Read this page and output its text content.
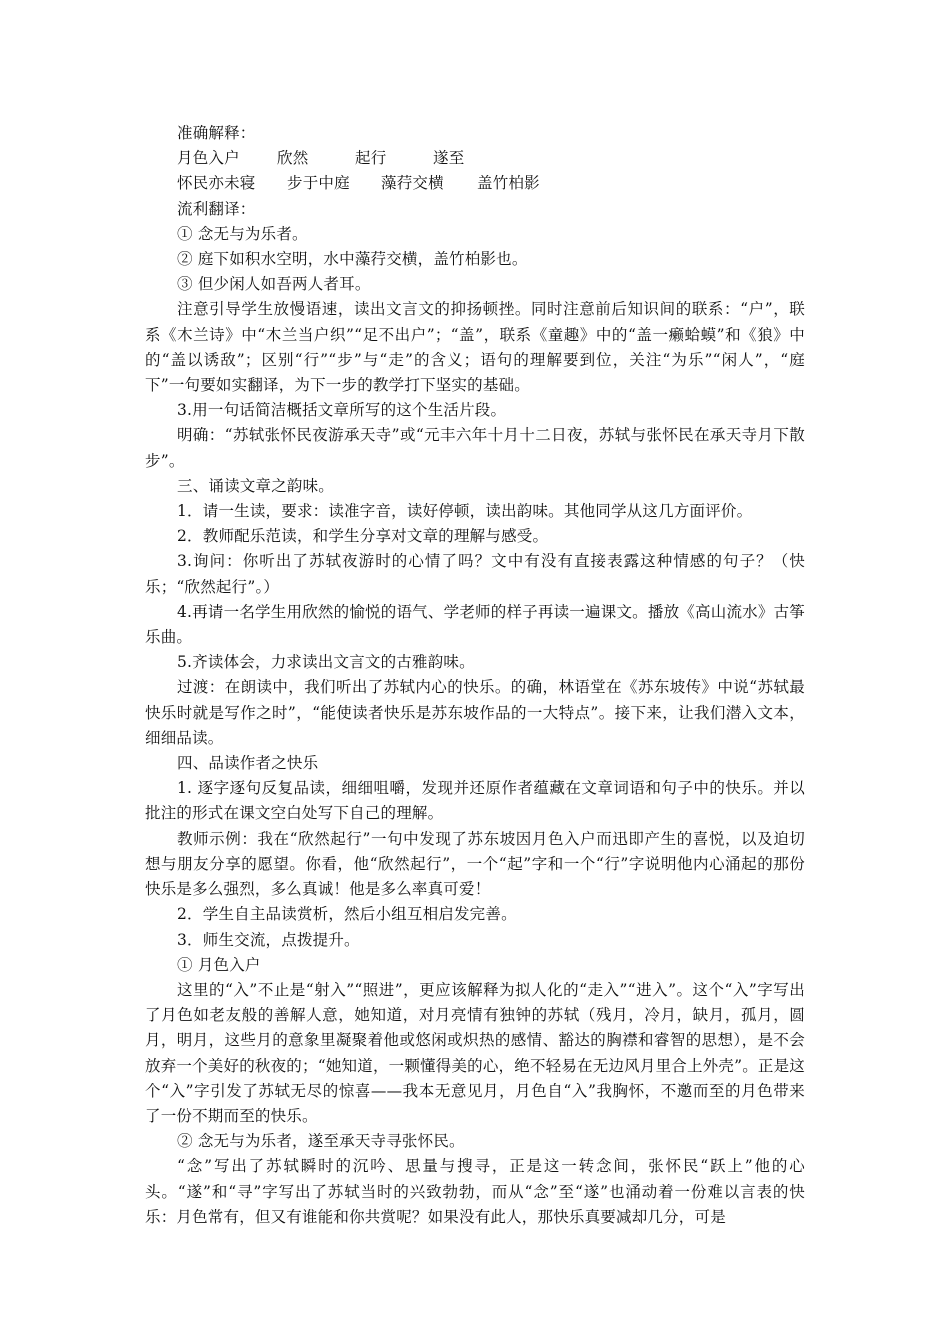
准确解释：

月色入户	欣然	起行	遂至
怀民亦未寝	步于中庭	藻荇交横	盖竹柏影

流利翻译：

① 念无与为乐者。

② 庭下如积水空明，水中藻荇交横，盖竹柏影也。

③ 但少闲人如吾两人者耳。

注意引导学生放慢语速，读出文言文的抑扬顿挫。同时注意前后知识间的联系：“户”，联系《木兰诗》中“木兰当户织”“足不出户”；“盖”，联系《童趣》中的“盖一癞蛤蟆”和《狼》中的“盖以诱敌”；区别“行”“步”与“走”的含义；语句的理解要到位，关注“为乐”“闲人”，“庭下”一句要如实翻译，为下一步的教学打下坚实的基础。

3.用一句话简洁概括文章所写的这个生活片段。

明确：“苏轼张怀民夜游承天寺”或“元丰六年十月十二日夜，苏轼与张怀民在承天寺月下散步”。

三、诵读文章之韵味。

1．请一生读，要求：读准字音，读好停顿，读出韵味。其他同学从这几方面评价。

2．教师配乐范读，和学生分享对文章的理解与感受。

3.询问：你听出了苏轼夜游时的心情了吗？文中有没有直接表露这种情感的句子？（快乐；“欣然起行”。）

4.再请一名学生用欣然的愉悦的语气、学老师的样子再读一遍课文。播放《高山流水》古筝乐曲。

5.齐读体会，力求读出文言文的古雅韵味。

过渡：在朗读中，我们听出了苏轼内心的快乐。的确，林语堂在《苏东坡传》中说“苏轼最快乐时就是写作之时”，“能使读者快乐是苏东坡作品的一大特点”。接下来，让我们潜入文本，细细品读。

四、品读作者之快乐

1. 逐字逐句反复品读，细细咀嚼，发现并还原作者蕴藏在文章词语和句子中的快乐。并以批注的形式在课文空白处写下自己的理解。

教师示例：我在“欣然起行”一句中发现了苏东坡因月色入户而迅即产生的喜悦，以及迫切想与朋友分享的愿望。你看，他“欣然起行”，一个“起”字和一个“行”字说明他内心涌起的那份快乐是多么强烈，多么真诚！他是多么率真可爱！

2．学生自主品读赏析，然后小组互相启发完善。

3．师生交流，点拨提升。

① 月色入户

这里的“入”不止是“射入”“照进”，更应该解释为拟人化的“走入”“进入”。这个“入”字写出了月色如老友般的善解人意，她知道，对月亮情有独钟的苏轼（残月，冷月，缺月，孤月，圆月，明月，这些月的意象里凝聚着他或悠闲或炽热的感情、豁达的胸襟和睿智的思想），是不会放弃一个美好的秋夜的；“她知道，一颗懂得美的心，绝不轻易在无边风月里合上外壳”。正是这个“入”字引发了苏轼无尽的惊喜——我本无意见月，月色自“入”我胸怀，不邀而至的月色带来了一份不期而至的快乐。

② 念无与为乐者，遂至承天寺寻张怀民。

“念”写出了苏轼瞬时的沉吟、思量与搜寻，正是这一转念间，张怀民“跃上”他的心头。“遂”和“寻”字写出了苏轼当时的兴致勃勃，而从“念”至“遂”也涌动着一份难以言表的快乐：月色常有，但又有谁能和你共赏呢？如果没有此人，那快乐真要减却几分，可是
